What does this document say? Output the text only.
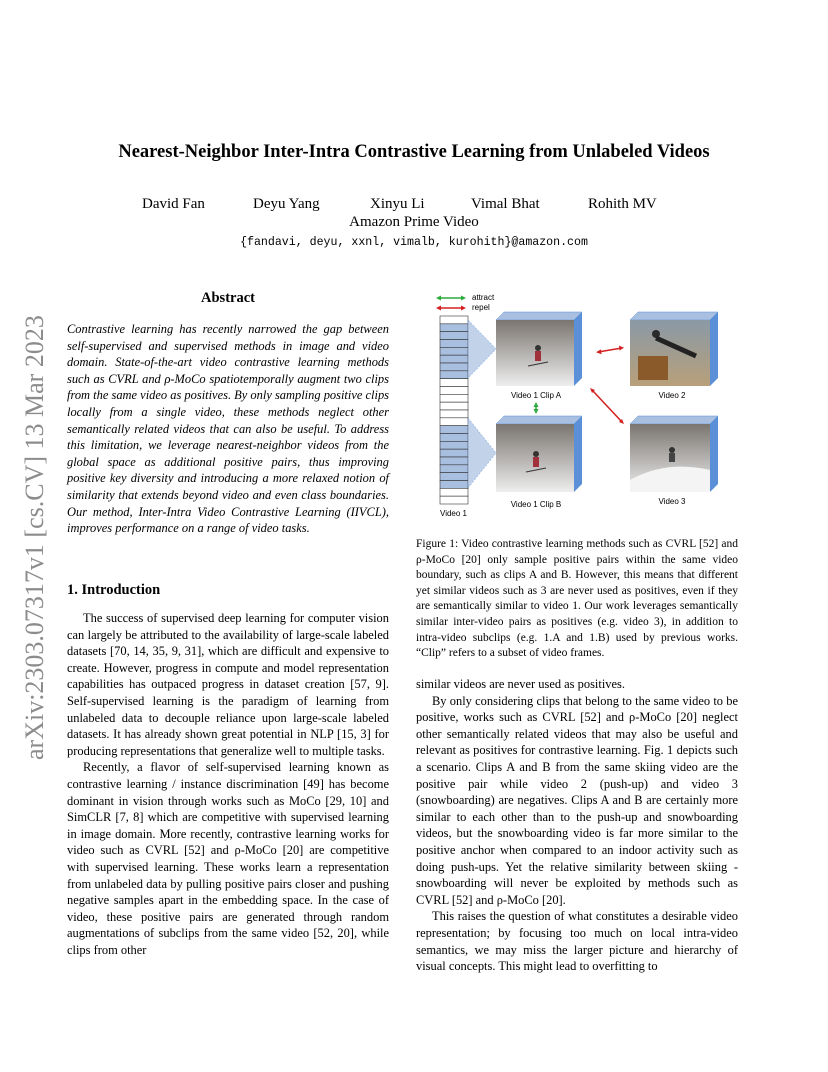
Nearest-Neighbor Inter-Intra Contrastive Learning from Unlabeled Videos
David Fan	Deyu Yang	Xinyu Li	Vimal Bhat	Rohith MV
Amazon Prime Video
{fandavi, deyu, xxnl, vimalb, kurohith}@amazon.com
arXiv:2303.07317v1 [cs.CV] 13 Mar 2023
Abstract
Contrastive learning has recently narrowed the gap between self-supervised and supervised methods in image and video domain. State-of-the-art video contrastive learning methods such as CVRL and ρ-MoCo spatiotemporally augment two clips from the same video as positives. By only sampling positive clips locally from a single video, these methods neglect other semantically related videos that can also be useful. To address this limitation, we leverage nearest-neighbor videos from the global space as additional positive pairs, thus improving positive key diversity and introducing a more relaxed notion of similarity that extends beyond video and even class boundaries. Our method, Inter-Intra Video Contrastive Learning (IIVCL), improves performance on a range of video tasks.
1. Introduction

The success of supervised deep learning for computer vision can largely be attributed to the availability of large-scale labeled datasets [70, 14, 35, 9, 31], which are difficult and expensive to create. However, progress in compute and model representation capabilities has outpaced progress in dataset creation [57, 9]. Self-supervised learning is the paradigm of learning from unlabeled data to decouple reliance upon large-scale labeled datasets. It has already shown great potential in NLP [15, 3] for producing representations that generalize well to multiple tasks.

Recently, a flavor of self-supervised learning known as contrastive learning / instance discrimination [49] has become dominant in vision through works such as MoCo [29, 10] and SimCLR [7, 8] which are competitive with supervised learning in image domain. More recently, contrastive learning works for video such as CVRL [52] and ρ-MoCo [20] are competitive with supervised learning. These works learn a representation from unlabeled data by pulling positive pairs closer and pushing negative samples apart in the embedding space. In the case of video, these positive pairs are generated through random augmentations of subclips from the same video [52, 20], while clips from other

attract
repel
Video 1 Clip A
Video 1 Clip B
Video 2
Video 3
Video 1
Figure 1: Video contrastive learning methods such as CVRL [52] and ρ-MoCo [20] only sample positive pairs within the same video boundary, such as clips A and B. However, this means that different yet similar videos such as 3 are never used as positives, even if they are semantically similar to video 1. Our work leverages semantically similar inter-video pairs as positives (e.g. video 3), in addition to intra-video subclips (e.g. 1.A and 1.B) used by previous works. “Clip” refers to a subset of video frames.

similar videos are never used as positives.

By only considering clips that belong to the same video to be positive, works such as CVRL [52] and ρ-MoCo [20] neglect other semantically related videos that may also be useful and relevant as positives for contrastive learning. Fig. 1 depicts such a scenario. Clips A and B from the same skiing video are the positive pair while video 2 (push-up) and video 3 (snowboarding) are negatives. Clips A and B are certainly more similar to each other than to the push-up and snowboarding videos, but the snowboarding video is far more similar to the positive anchor when compared to an indoor activity such as doing push-ups. Yet the relative similarity between skiing - snowboarding will never be exploited by methods such as CVRL [52] and ρ-MoCo [20].

This raises the question of what constitutes a desirable video representation; by focusing too much on local intra-video semantics, we may miss the larger picture and hierarchy of visual concepts. This might lead to overfitting to
